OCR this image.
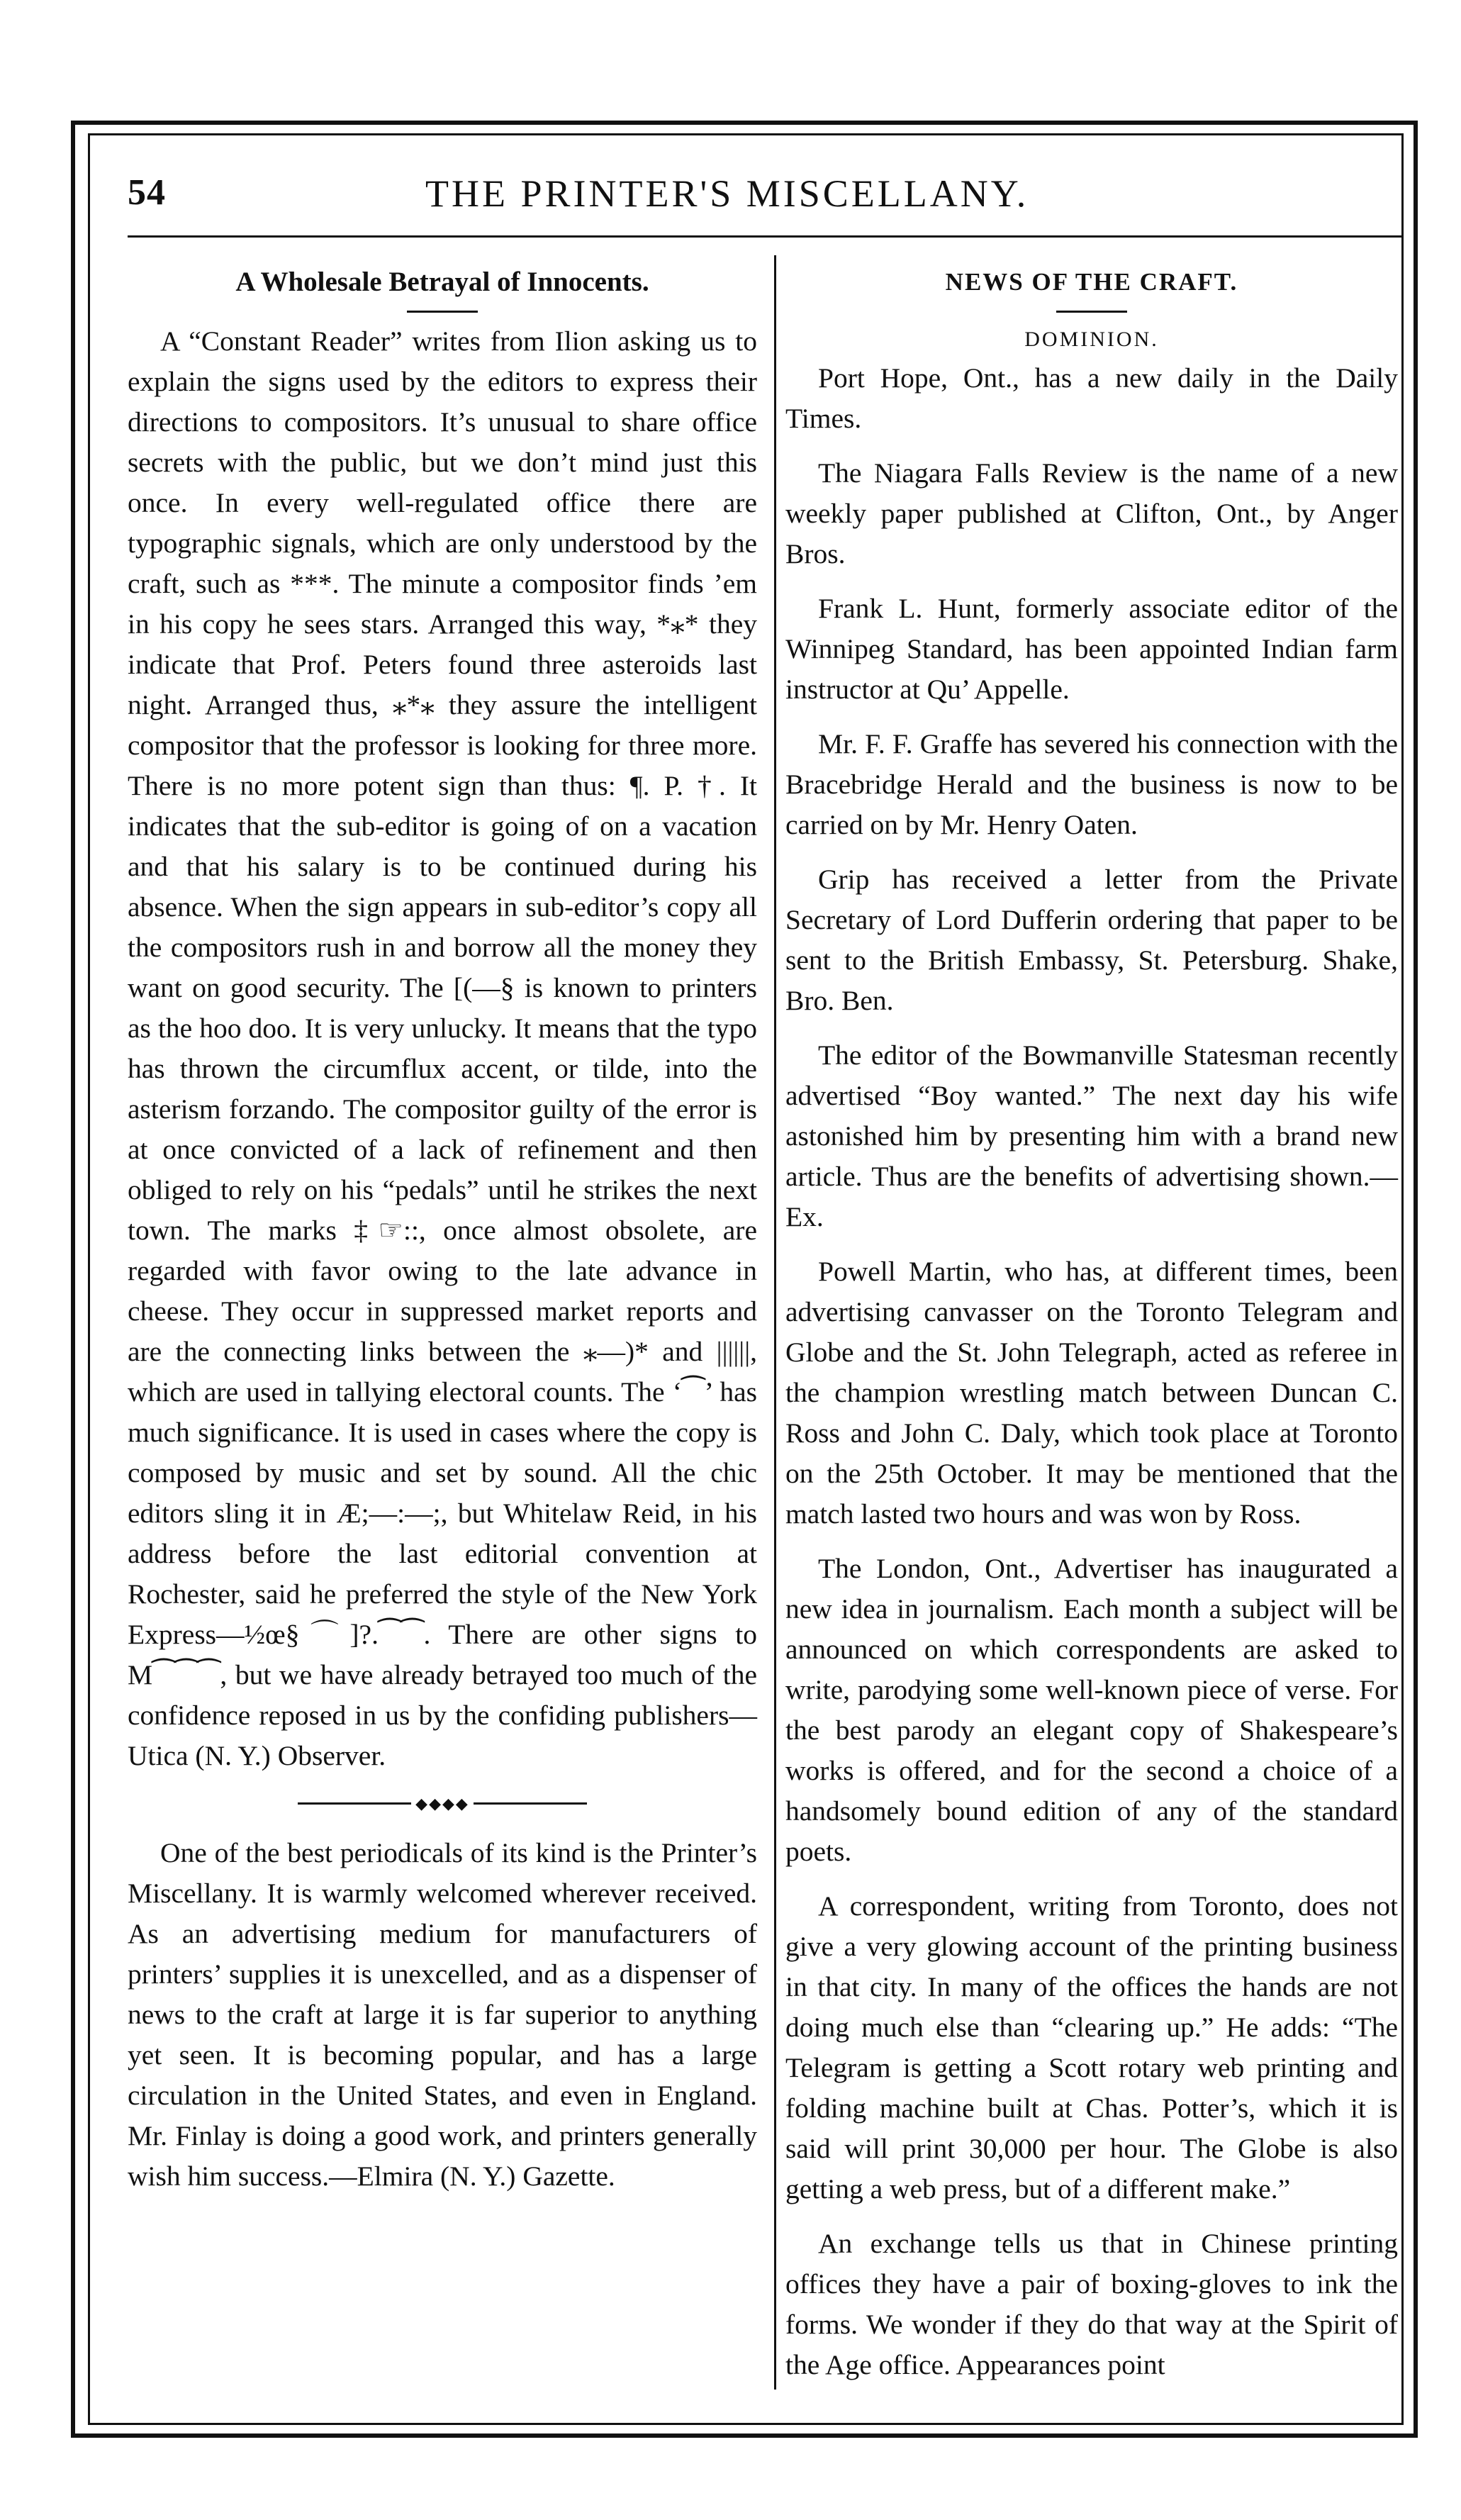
54	THE PRINTER'S MISCELLANY.
A Wholesale Betrayal of Innocents.

A “Constant Reader” writes from Ilion asking us to explain the signs used by the editors to express their directions to compositors. It’s unusual to share office secrets with the public, but we don’t mind just this once. In every well-regulated office there are typographic signals, which are only understood by the craft, such as ***. The minute a compositor finds ’em in his copy he sees stars. Arranged this way, *⁎* they indicate that Prof. Peters found three asteroids last night. Arranged thus, ⁎*⁎ they assure the intelligent compositor that the professor is looking for three more. There is no more potent sign than thus: ¶. P. †. It indicates that the sub-editor is going of on a vacation and that his salary is to be continued during his absence. When the sign appears in sub-editor’s copy all the compositors rush in and borrow all the money they want on good security. The [(—§ is known to printers as the hoo doo. It is very unlucky. It means that the typo has thrown the circumflux accent, or tilde, into the asterism forzando. The compositor guilty of the error is at once convicted of a lack of refinement and then obliged to rely on his “pedals” until he strikes the next town. The marks ‡☞::, once almost obsolete, are regarded with favor owing to the late advance in cheese. They occur in suppressed market reports and are the connecting links between the ⁎—)* and ||||||, which are used in tallying electoral counts. The ‘⁀’ has much significance. It is used in cases where the copy is composed by music and set by sound. All the chic editors sling it in Æ;—:—;, but Whitelaw Reid, in his address before the last editorial convention at Rochester, said he preferred the style of the New York Express—½œ§⌒]?.⁀⁀. There are other signs to M⁀⁀⁀, but we have already betrayed too much of the confidence reposed in us by the confiding publishers—Utica (N. Y.) Observer.

◆◆◆◆

One of the best periodicals of its kind is the Printer’s Miscellany. It is warmly welcomed wherever received. As an advertising medium for manufacturers of printers’ supplies it is unexcelled, and as a dispenser of news to the craft at large it is far superior to anything yet seen. It is becoming popular, and has a large circulation in the United States, and even in England. Mr. Finlay is doing a good work, and printers generally wish him success.—Elmira (N. Y.) Gazette.

NEWS OF THE CRAFT.
DOMINION.

Port Hope, Ont., has a new daily in the Daily Times.

The Niagara Falls Review is the name of a new weekly paper published at Clifton, Ont., by Anger Bros.

Frank L. Hunt, formerly associate editor of the Winnipeg Standard, has been appointed Indian farm instructor at Qu’ Appelle.

Mr. F. F. Graffe has severed his connection with the Bracebridge Herald and the business is now to be carried on by Mr. Henry Oaten.

Grip has received a letter from the Private Secretary of Lord Dufferin ordering that paper to be sent to the British Embassy, St. Petersburg. Shake, Bro. Ben.

The editor of the Bowmanville Statesman recently advertised “Boy wanted.” The next day his wife astonished him by presenting him with a brand new article. Thus are the benefits of advertising shown.—Ex.

Powell Martin, who has, at different times, been advertising canvasser on the Toronto Telegram and Globe and the St. John Telegraph, acted as referee in the champion wrestling match between Duncan C. Ross and John C. Daly, which took place at Toronto on the 25th October. It may be mentioned that the match lasted two hours and was won by Ross.

The London, Ont., Advertiser has inaugurated a new idea in journalism. Each month a subject will be announced on which correspondents are asked to write, parodying some well-known piece of verse. For the best parody an elegant copy of Shakespeare’s works is offered, and for the second a choice of a handsomely bound edition of any of the standard poets.

A correspondent, writing from Toronto, does not give a very glowing account of the printing business in that city. In many of the offices the hands are not doing much else than “clearing up.” He adds: “The Telegram is getting a Scott rotary web printing and folding machine built at Chas. Potter’s, which it is said will print 30,000 per hour. The Globe is also getting a web press, but of a different make.”

An exchange tells us that in Chinese printing offices they have a pair of boxing-gloves to ink the forms. We wonder if they do that way at the Spirit of the Age office. Appearances point
